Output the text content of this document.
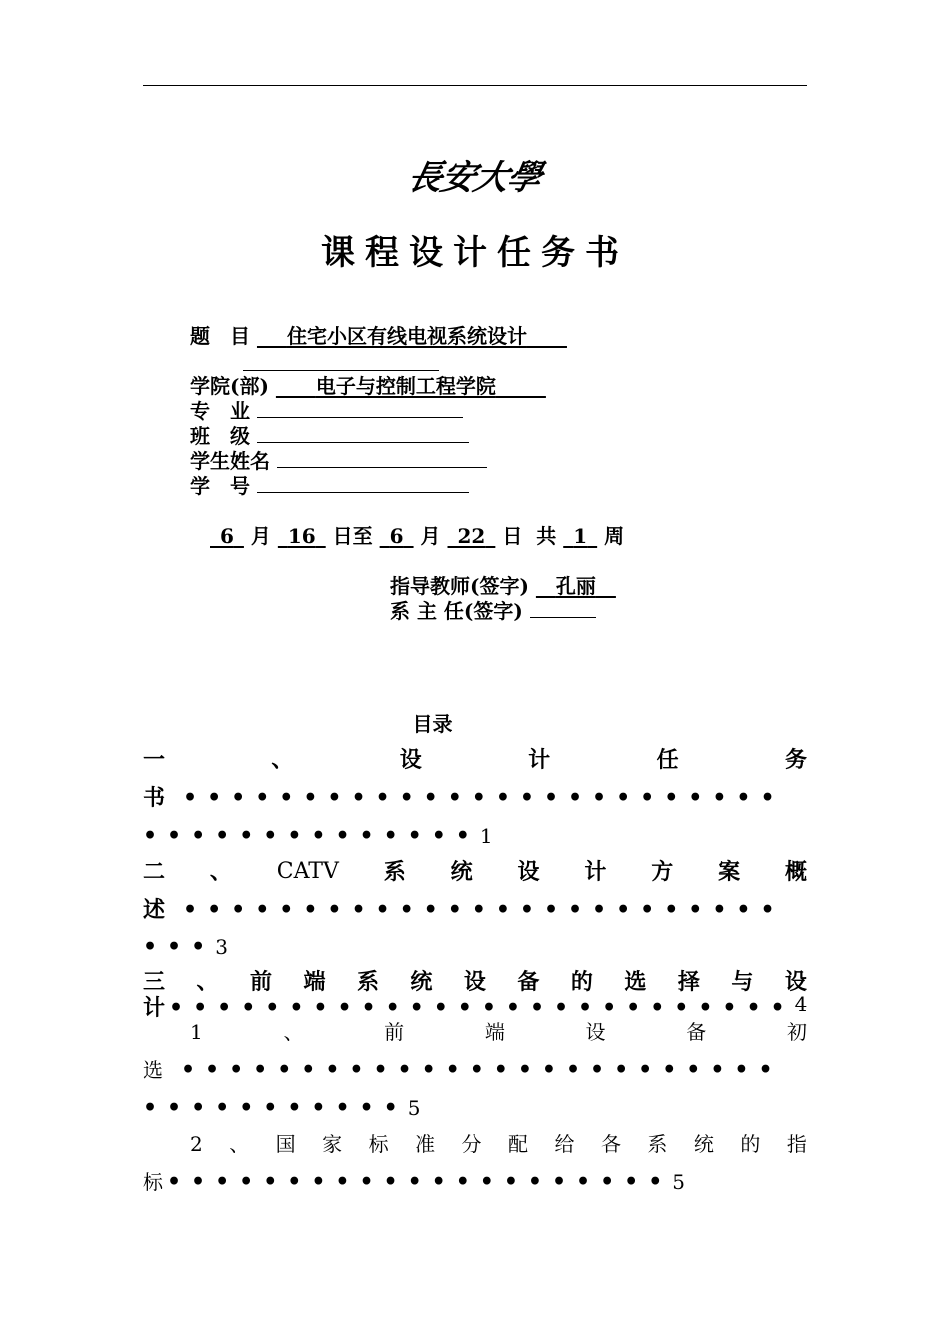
長安大學
课程设计任务书
题　目    住宅小区有线电视系统设计  
学院(部)    电子与控制工程学院   
专　业
班　级
学生姓名
学　号
 6  月   16  日至   6  月   22  日 共   1  周
指导教师(签字)   孔丽 
系 主 任(签字)
目录
一	、	设	计	任	务
书 •••••••••••••••••••••••••
••••••••••••••1
二 、 CATV 系 统 设 计 方 案 概
述 •••••••••••••••••••••••••
•••3
三 、 前 端 系 统 设 备 的 选 择 与 设
计 ••••••••••••••••••••••••••4
1	、	前	端	设	备	初
选 •••••••••••••••••••••••••
•••••••••••5
2 、 国 家 标 准 分 配 给 各 系 统 的 指
标 •••••••••••••••••••••5
